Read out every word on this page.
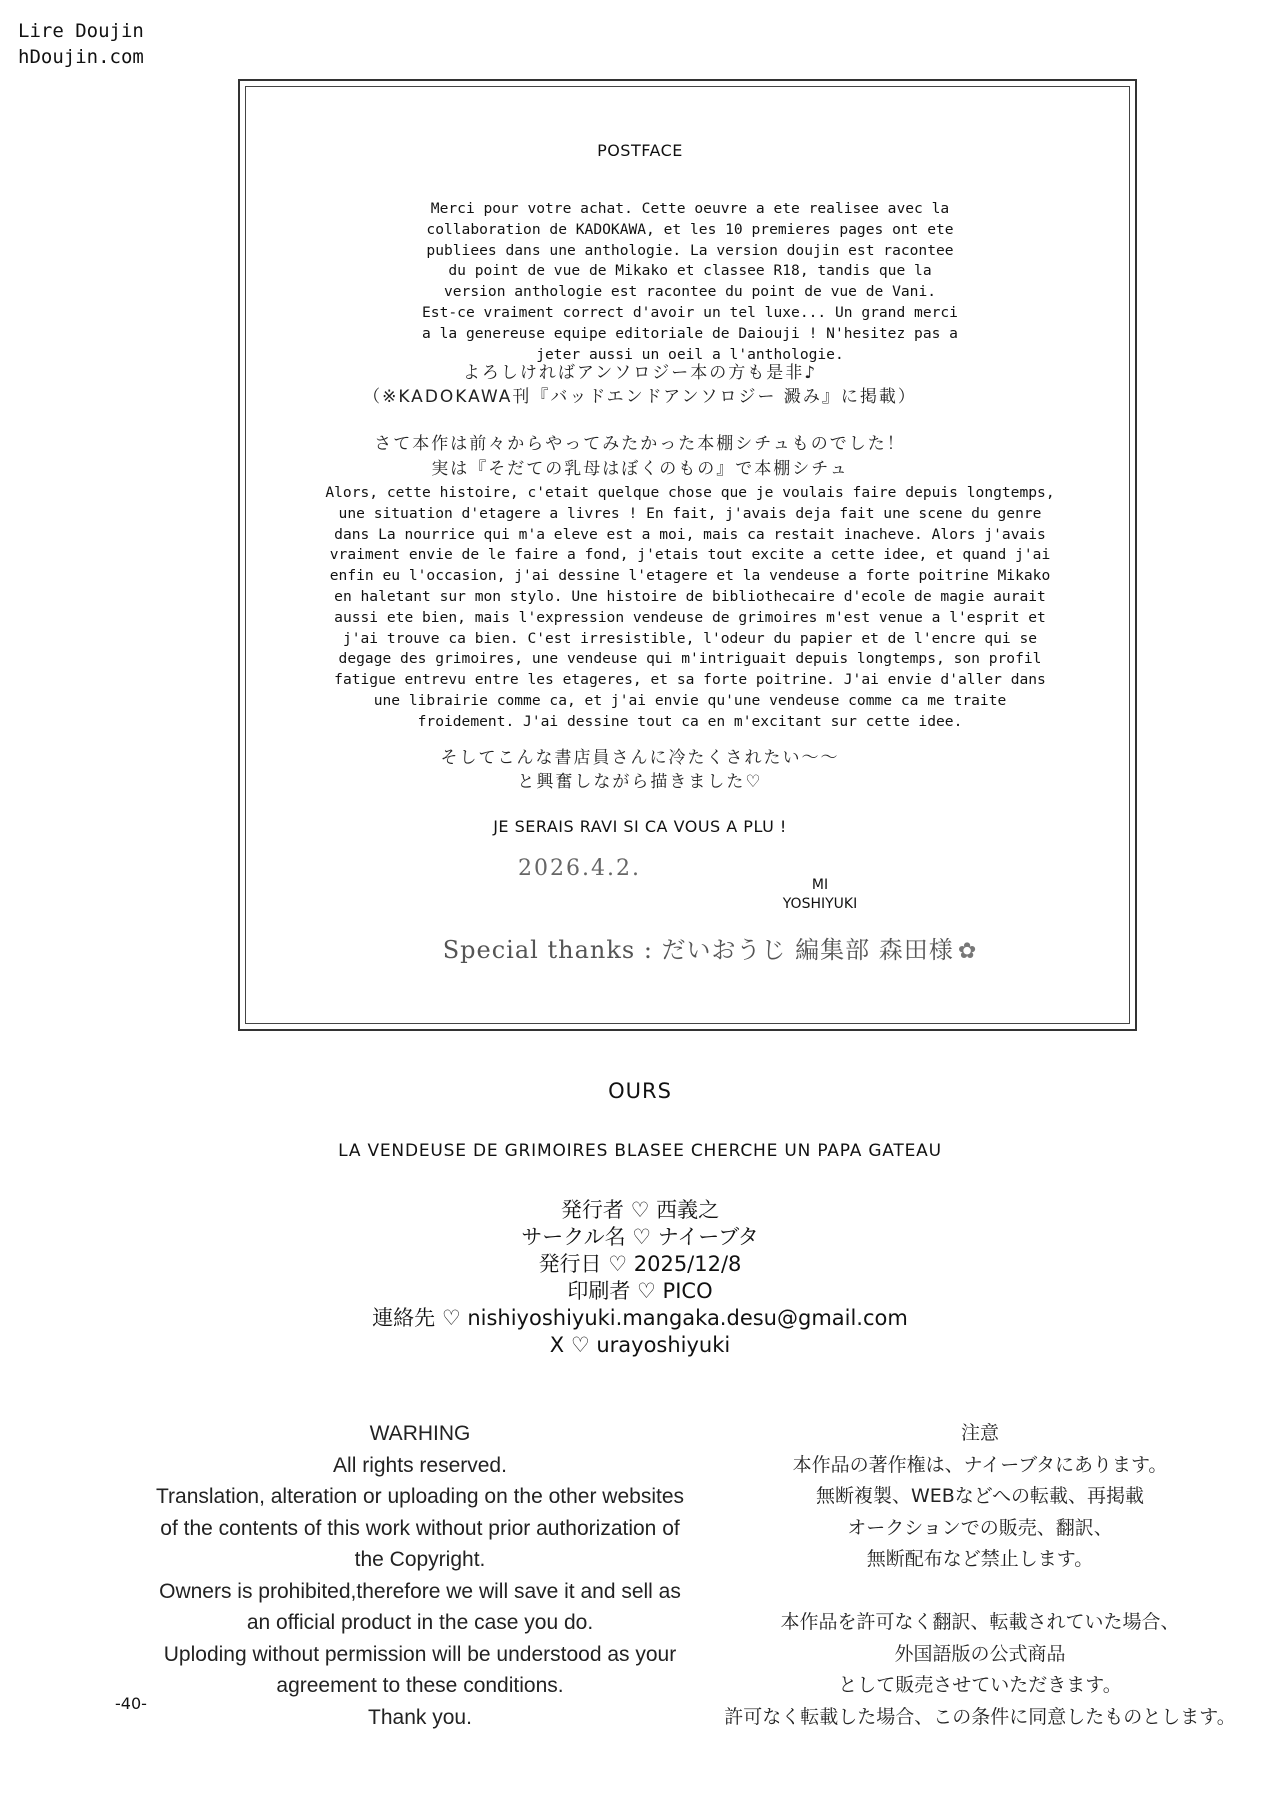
Lire Doujin
hDoujin.com
POSTFACE
Merci pour votre achat. Cette oeuvre a ete realisee avec la
collaboration de KADOKAWA, et les 10 premieres pages ont ete
publiees dans une anthologie. La version doujin est racontee
du point de vue de Mikako et classee R18, tandis que la
version anthologie est racontee du point de vue de Vani.
Est-ce vraiment correct d'avoir un tel luxe... Un grand merci
a la genereuse equipe editoriale de Daiouji ! N'hesitez pas a
jeter aussi un oeil a l'anthologie.
よろしければアンソロジー本の方も是非♪
（※KADOKAWA刊『バッドエンドアンソロジー 澱み』に掲載）
さて本作は前々からやってみたかった本棚シチュものでした！
実は『そだての乳母はぼくのもの』で本棚シチュ
Alors, cette histoire, c'etait quelque chose que je voulais faire depuis longtemps,
une situation d'etagere a livres ! En fait, j'avais deja fait une scene du genre
dans La nourrice qui m'a eleve est a moi, mais ca restait inacheve. Alors j'avais
vraiment envie de le faire a fond, j'etais tout excite a cette idee, et quand j'ai
enfin eu l'occasion, j'ai dessine l'etagere et la vendeuse a forte poitrine Mikako
en haletant sur mon stylo. Une histoire de bibliothecaire d'ecole de magie aurait
aussi ete bien, mais l'expression vendeuse de grimoires m'est venue a l'esprit et
j'ai trouve ca bien. C'est irresistible, l'odeur du papier et de l'encre qui se
degage des grimoires, une vendeuse qui m'intriguait depuis longtemps, son profil
fatigue entrevu entre les etageres, et sa forte poitrine. J'ai envie d'aller dans
une librairie comme ca, et j'ai envie qu'une vendeuse comme ca me traite
froidement. J'ai dessine tout ca en m'excitant sur cette idee.
そしてこんな書店員さんに冷たくされたい～～
と興奮しながら描きました♡
JE SERAIS RAVI SI CA VOUS A PLU !
2026.4.2.
MI
YOSHIYUKI
Special thanks : だいおうじ 編集部 森田様 ✿
OURS
LA VENDEUSE DE GRIMOIRES BLASEE CHERCHE UN PAPA GATEAU
発行者 ♡ 西義之
サークル名 ♡ ナイーブタ
発行日 ♡ 2025/12/8
印刷者 ♡ PICO
連絡先 ♡ nishiyoshiyuki.mangaka.desu@gmail.com
X ♡ urayoshiyuki
WARHING
All rights reserved.
Translation, alteration or uploading on the other websites
of the contents of this work without prior authorization of
the Copyright.
Owners is prohibited,therefore we will save it and sell as
an official product in the case you do.
Uploding without permission will be understood as your
agreement to these conditions.
Thank you.
注意
本作品の著作権は、ナイーブタにあります。
無断複製、WEBなどへの転載、再掲載
オークションでの販売、翻訳、
無断配布など禁止します。

本作品を許可なく翻訳、転載されていた場合、
外国語版の公式商品
として販売させていただきます。
許可なく転載した場合、この条件に同意したものとします。
-40-
